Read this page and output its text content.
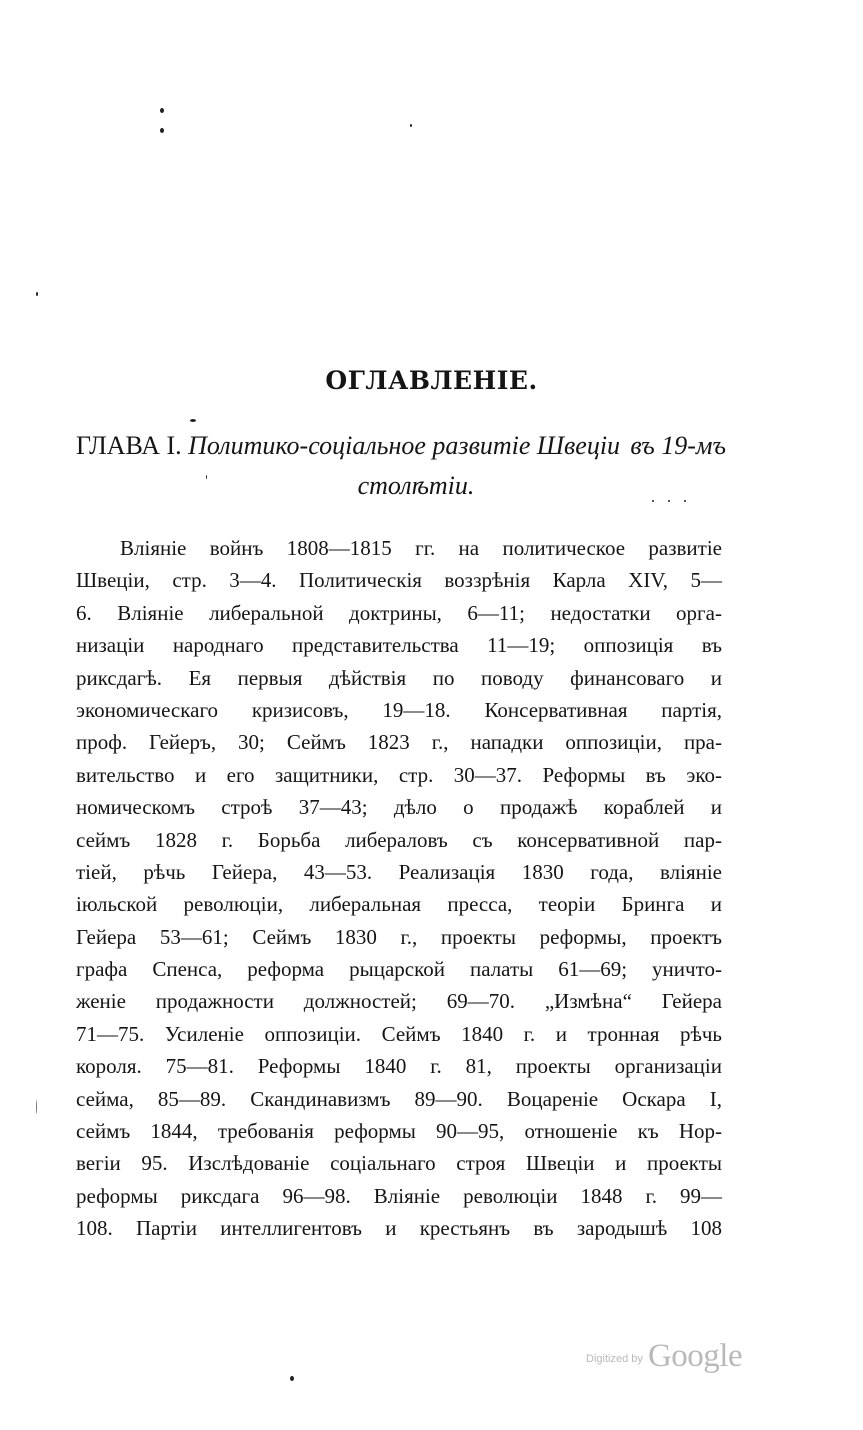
ОГЛАВЛЕНІЕ.
ГЛАВА I. Политико-соціальное развитіе Швеціи въ 19-мъ
столѣтіи.
Вліяніе войнъ 1808—1815 гг. на политическое развитіе
Швеціи, стр. 3—4. Политическія воззрѣнія Карла XIV, 5—
6. Вліяніе либеральной доктрины, 6—11; недостатки орга-
низаціи народнаго представительства 11—19; оппозиція въ
риксдагѣ. Ея первыя дѣйствія по поводу финансоваго и
экономическаго кризисовъ, 19—18. Консервативная партія,
проф. Гейеръ, 30; Сеймъ 1823 г., нападки оппозиціи, пра-
вительство и его защитники, стр. 30—37. Реформы въ эко-
номическомъ строѣ 37—43; дѣло о продажѣ кораблей и
сеймъ 1828 г. Борьба либераловъ съ консервативной пар-
тіей, рѣчь Гейера, 43—53. Реализація 1830 года, вліяніе
іюльской революціи, либеральная пресса, теоріи Бринга и
Гейера 53—61; Сеймъ 1830 г., проекты реформы, проектъ
графа Спенса, реформа рыцарской палаты 61—69; уничто-
женіе продажности должностей; 69—70. „Измѣна“ Гейера
71—75. Усиленіе оппозиціи. Сеймъ 1840 г. и тронная рѣчь
короля. 75—81. Реформы 1840 г. 81, проекты организаціи
сейма, 85—89. Скандинавизмъ 89—90. Воцареніе Оскара I,
сеймъ 1844, требованія реформы 90—95, отношеніе къ Нор-
вегіи 95. Изслѣдованіе соціальнаго строя Швеціи и проекты
реформы риксдага 96—98. Вліяніе революціи 1848 г. 99—
108. Партіи интеллигентовъ и крестьянъ въ зародышѣ 108
$^{Digitized by}$ Google
